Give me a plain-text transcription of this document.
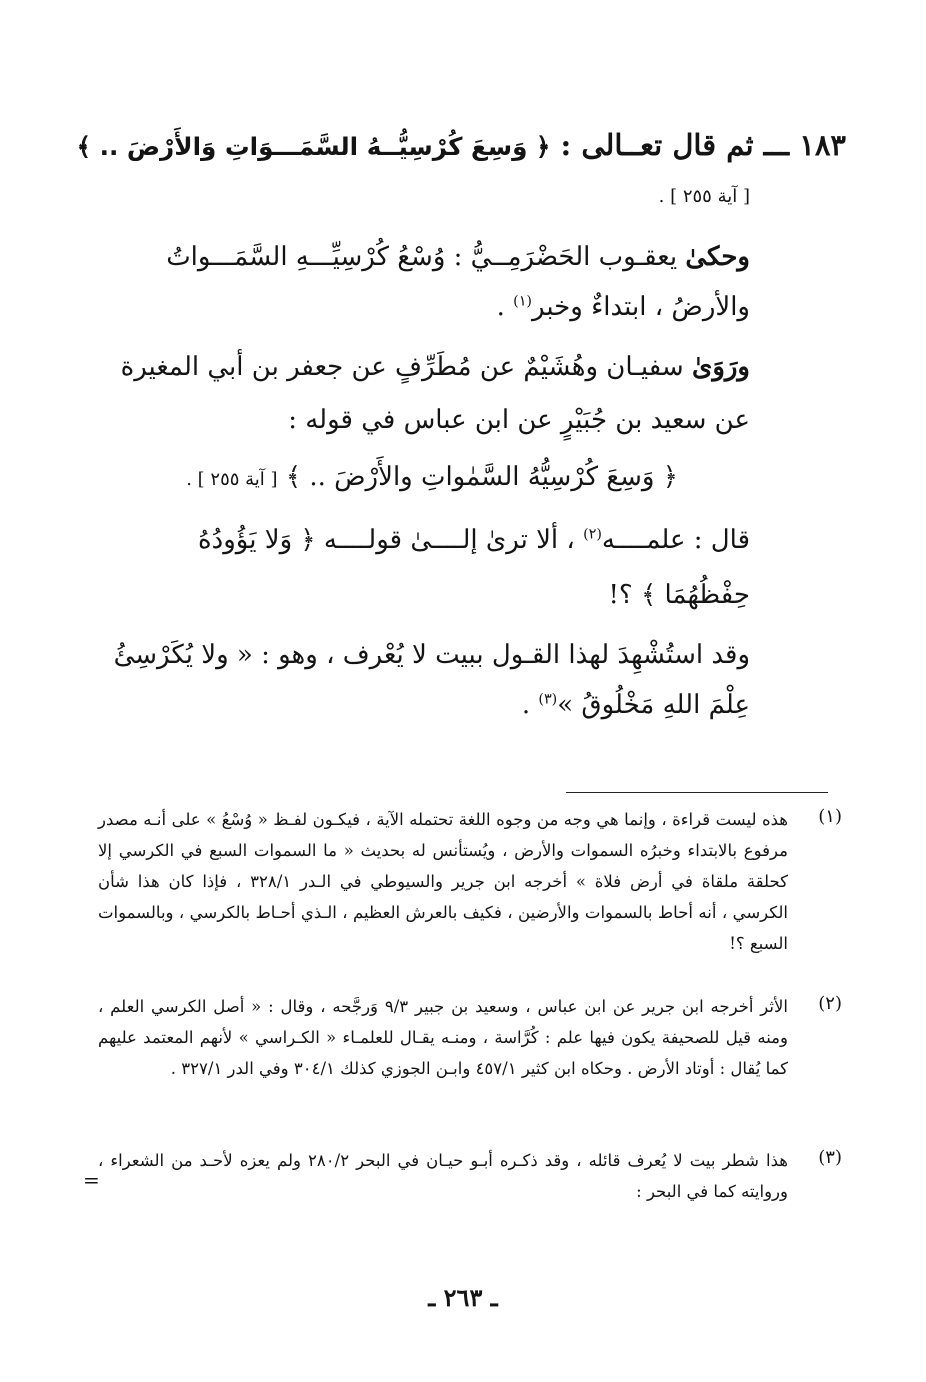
١٨٣ ـــ ثم قال تعــالى : ﴿ وَسِعَ كُرْسِيُّــهُ السَّمَـــوَاتِ وَالأَرْضَ .. ﴾
[ آية ٢٥٥ ] .
وحكىٰ يعقـوب الحَضْرَمِــيُّ : وُسْعُ كُرْسِيِّـــهِ السَّمَـــواتُ
والأرضُ ، ابتداءٌ وخبر$^{(١)}$ .
ورَوَىٰ سفيـان وهُشَيْمٌ عن مُطَرِّفٍ عن جعفر بن أبي المغيرة
عن سعيد بن جُبَيْرٍ عن ابن عباس في قوله :
﴿ وَسِعَ كُرْسِيُّهُ السَّمٰواتِ والأَرْضَ .. ﴾ [ آية ٢٥٥ ] .
قال : علمــــه$^{(٢)}$ ، ألا ترىٰ إلــــىٰ قولــــه ﴿ وَلا يَؤُودُهُ
حِفْظُهُمَا ﴾ ؟!
وقد استُشْهِدَ لهذا القـول ببيت لا يُعْرف ، وهو : « ولا يُكَرْسِئُ
عِلْمَ اللهِ مَخْلُوقُ »$^{(٣)}$ .
(١)
هذه ليست قراءة ، وإنما هي وجه من وجوه اللغة تحتمله الآية ، فيكـون لفـظ « وُسْعُ » على أنـه مصدر مرفوع بالابتداء وخبرُه السموات والأرض ، ويُستأنس له بحديث « ما السموات السبع في الكرسي إلا كحلقة ملقاة في أرض فلاة » أخرجه ابن جرير والسيوطي في الـدر ٣٢٨/١ ، فإذا كان هذا شأن الكرسي ، أنه أحاط بالسموات والأرضين ، فكيف بالعرش العظيم ، الـذي أحـاط بالكرسي ، وبالسموات السبع ؟!
(٢)
الأثر أخرجه ابن جرير عن ابن عباس ، وسعيد بن جبير ٩/٣ وَرجَّحه ، وقال : « أصل الكرسي العلم ، ومنه قيل للصحيفة يكون فيها علم : كُرَّاسة ، ومنـه يقـال للعلمـاء « الكـراسي » لأنهم المعتمد عليهم كما يُقال : أوتاد الأرض . وحكاه ابن كثير ٤٥٧/١ وابـن الجوزي كذلك ٣٠٤/١ وفي الدر ٣٢٧/١ .
(٣)
هذا شطر بيت لا يُعرف قائله ، وقد ذكـره أبـو حيـان في البحر ٢٨٠/٢ ولم يعزه لأحـد من الشعراء ، وروايته كما في البحر :
=
ـ ٢٦٣ ـ
